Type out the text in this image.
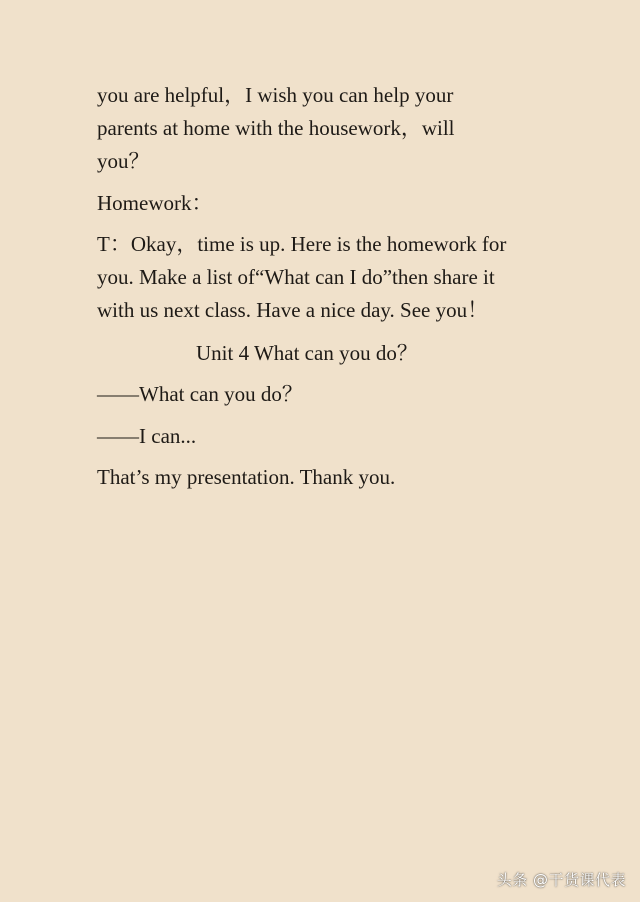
you are helpful，I wish you can help your
parents at home with the housework，will
you？

Homework：

T：Okay，time is up. Here is the homework for
you. Make a list of“What can I do”then share it
with us next class. Have a nice day. See you！

Unit 4 What can you do？

——What can you do？

——I can...

That’s my presentation. Thank you.

头条 @干货课代表
